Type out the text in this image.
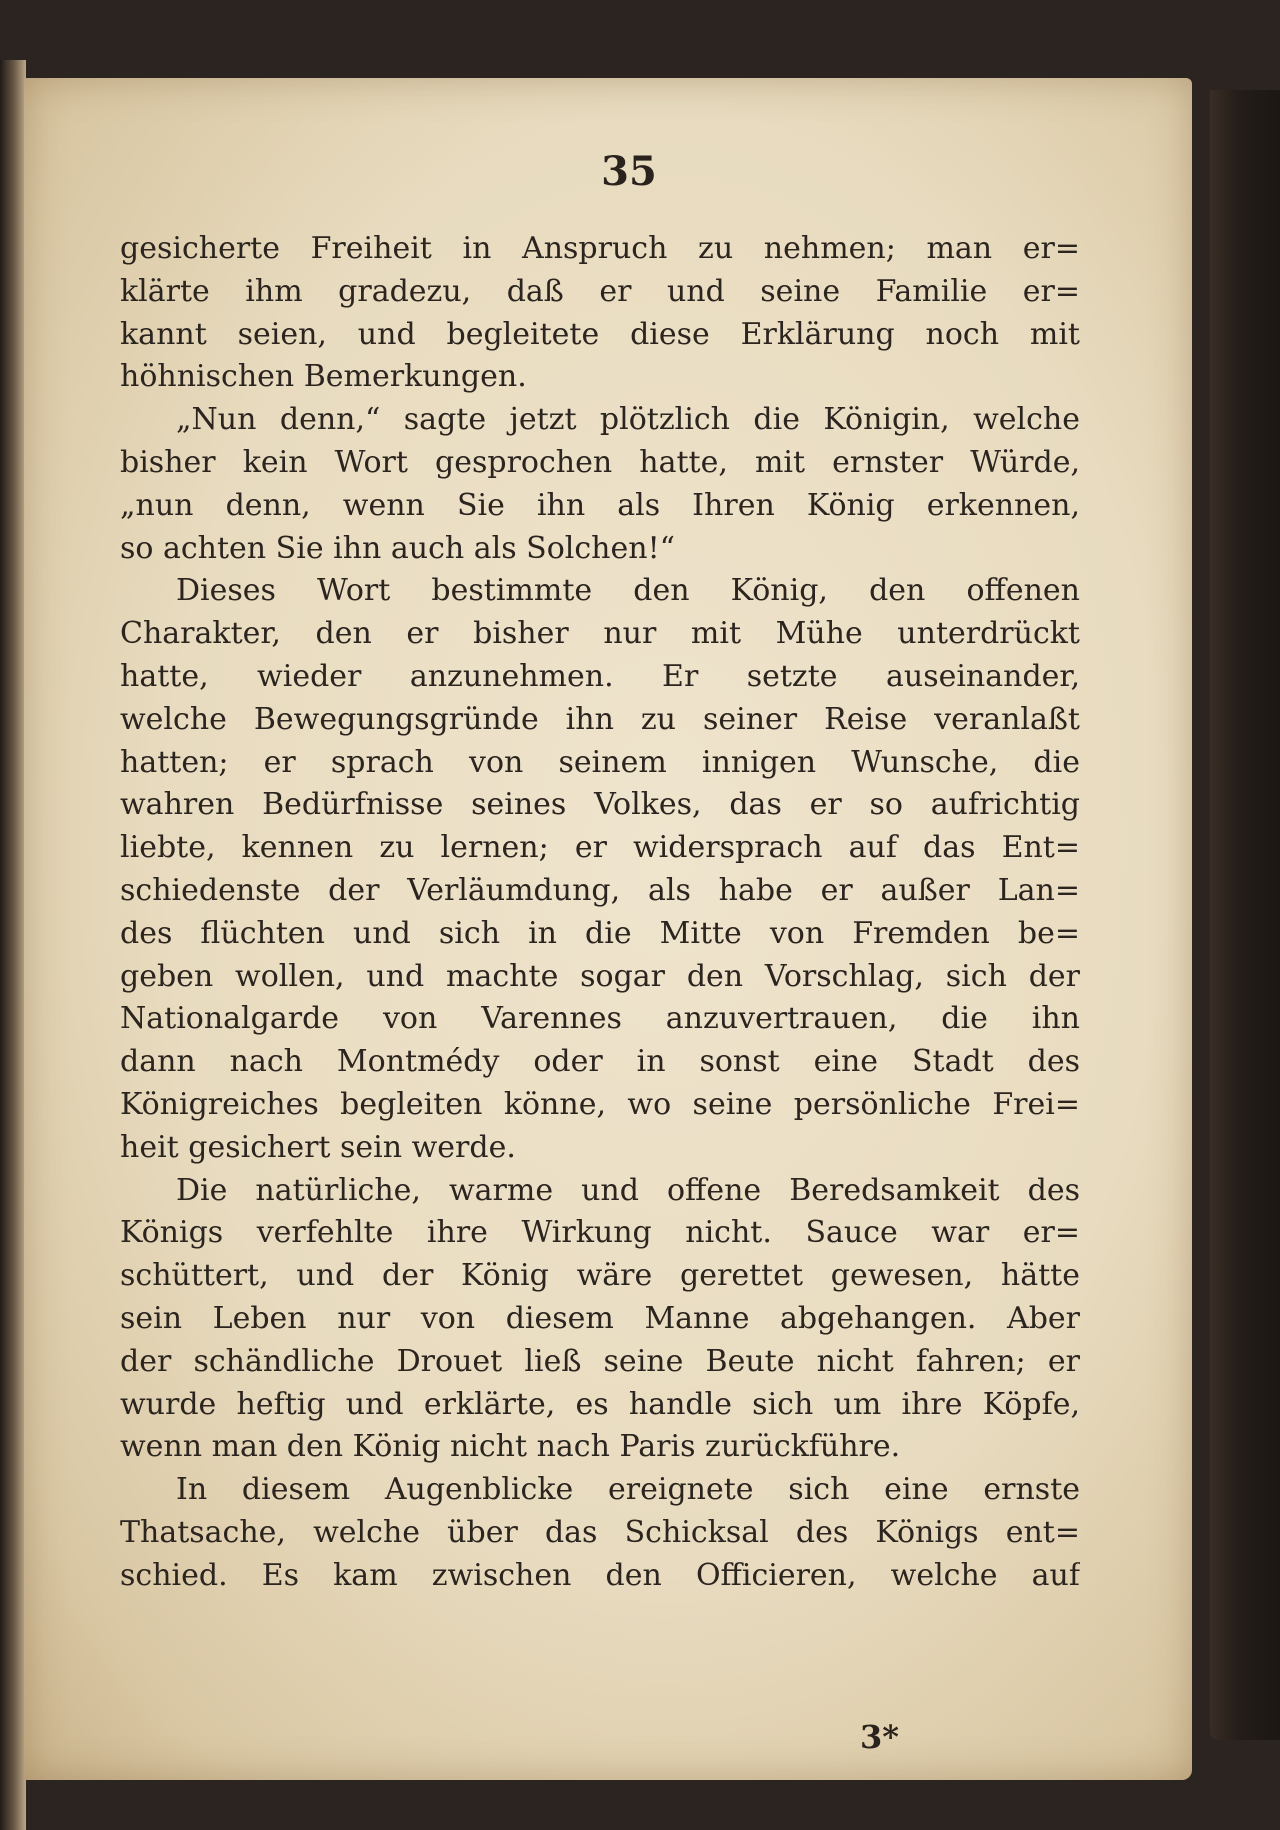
35
gesicherte Freiheit in Anspruch zu nehmen; man er=
klärte ihm gradezu, daß er und seine Familie er=
kannt seien, und begleitete diese Erklärung noch mit
höhnischen Bemerkungen.
„Nun denn,“ sagte jetzt plötzlich die Königin, welche
bisher kein Wort gesprochen hatte, mit ernster Würde,
„nun denn, wenn Sie ihn als Ihren König erkennen,
so achten Sie ihn auch als Solchen!“
Dieses Wort bestimmte den König, den offenen
Charakter, den er bisher nur mit Mühe unterdrückt
hatte, wieder anzunehmen. Er setzte auseinander,
welche Bewegungsgründe ihn zu seiner Reise veranlaßt
hatten; er sprach von seinem innigen Wunsche, die
wahren Bedürfnisse seines Volkes, das er so aufrichtig
liebte, kennen zu lernen; er widersprach auf das Ent=
schiedenste der Verläumdung, als habe er außer Lan=
des flüchten und sich in die Mitte von Fremden be=
geben wollen, und machte sogar den Vorschlag, sich der
Nationalgarde von Varennes anzuvertrauen, die ihn
dann nach Montmédy oder in sonst eine Stadt des
Königreiches begleiten könne, wo seine persönliche Frei=
heit gesichert sein werde.
Die natürliche, warme und offene Beredsamkeit des
Königs verfehlte ihre Wirkung nicht. Sauce war er=
schüttert, und der König wäre gerettet gewesen, hätte
sein Leben nur von diesem Manne abgehangen. Aber
der schändliche Drouet ließ seine Beute nicht fahren; er
wurde heftig und erklärte, es handle sich um ihre Köpfe,
wenn man den König nicht nach Paris zurückführe.
In diesem Augenblicke ereignete sich eine ernste
Thatsache, welche über das Schicksal des Königs ent=
schied. Es kam zwischen den Officieren, welche auf
3*
